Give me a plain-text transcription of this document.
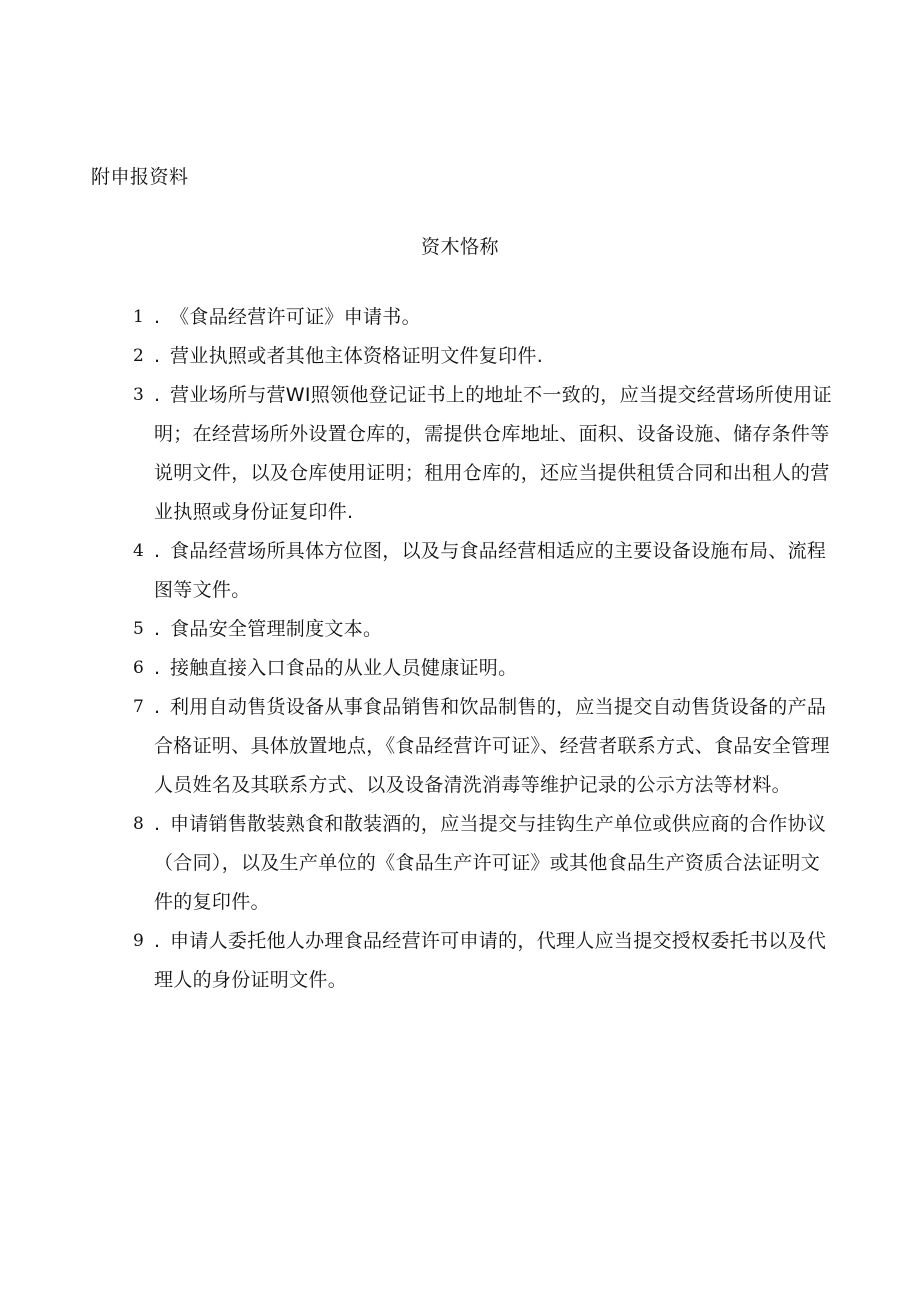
附申报资料
资木恪称
1 . 《食品经营许可证》申请书。
2 . 营业执照或者其他主体资格证明文件复印件.
3 . 营业场所与营WI照领他登记证书上的地址不一致的，应当提交经营场所使用证明；在经营场所外设置仓库的，需提供仓库地址、面积、设备设施、储存条件等说明文件，以及仓库使用证明；租用仓库的，还应当提供租赁合同和出租人的营业执照或身份证复印件.
4 . 食品经营场所具体方位图，以及与食品经营相适应的主要设备设施布局、流程图等文件。
5 . 食品安全管理制度文本。
6 . 接触直接入口食品的从业人员健康证明。
7 . 利用自动售货设备从事食品销售和饮品制售的，应当提交自动售货设备的产品合格证明、具体放置地点，《食品经营许可证》、经营者联系方式、食品安全管理人员姓名及其联系方式、以及设备清洗消毒等维护记录的公示方法等材料。
8 . 申请销售散装熟食和散装酒的，应当提交与挂钩生产单位或供应商的合作协议（合同），以及生产单位的《食品生产许可证》或其他食品生产资质合法证明文件的复印件。
9 . 申请人委托他人办理食品经营许可申请的，代理人应当提交授权委托书以及代理人的身份证明文件。
